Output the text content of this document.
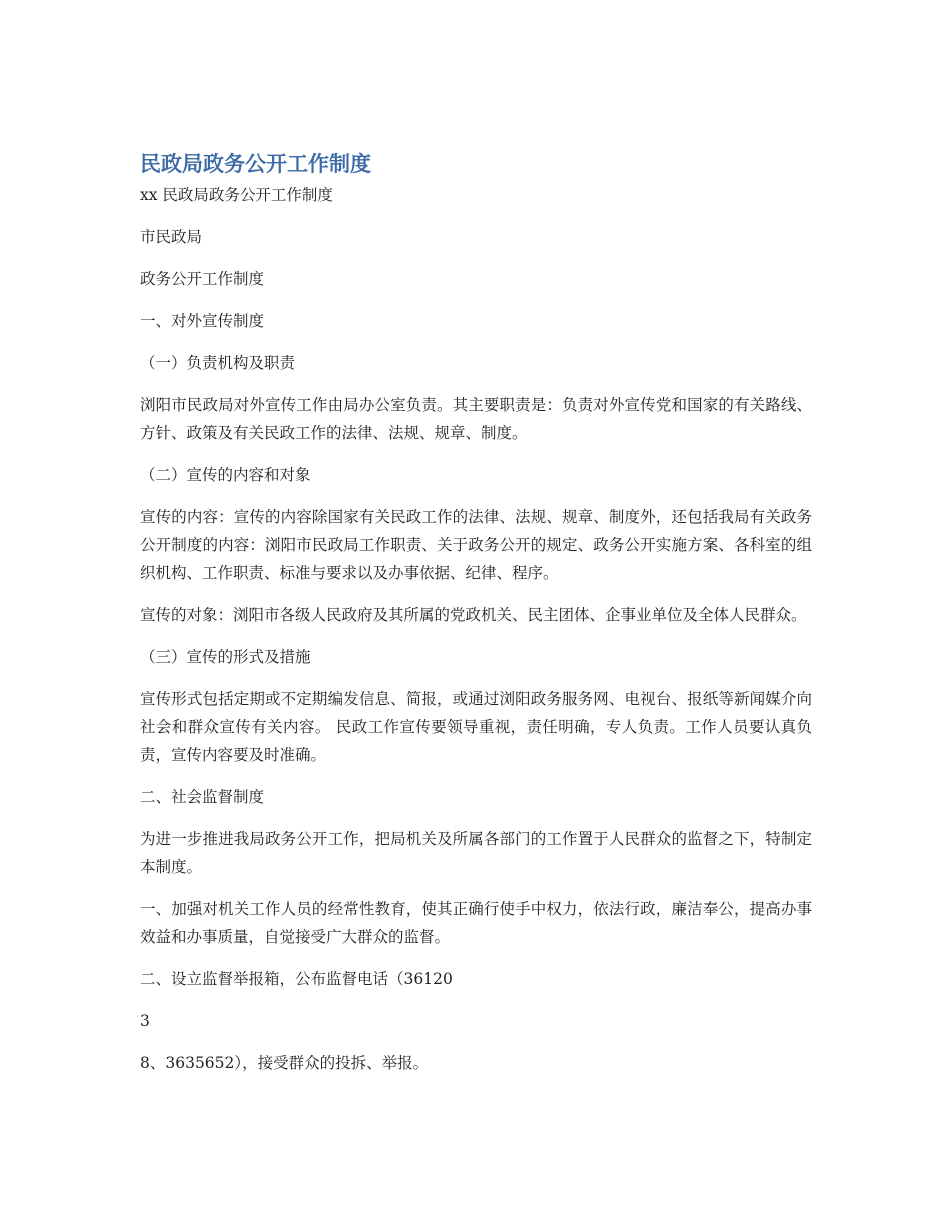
民政局政务公开工作制度

xx 民政局政务公开工作制度

市民政局

政务公开工作制度

一、对外宣传制度

（一）负责机构及职责

浏阳市民政局对外宣传工作由局办公室负责。其主要职责是：负责对外宣传党和国家的有关路线、方针、政策及有关民政工作的法律、法规、规章、制度。

（二）宣传的内容和对象

宣传的内容：宣传的内容除国家有关民政工作的法律、法规、规章、制度外，还包括我局有关政务公开制度的内容：浏阳市民政局工作职责、关于政务公开的规定、政务公开实施方案、各科室的组织机构、工作职责、标准与要求以及办事依据、纪律、程序。

宣传的对象：浏阳市各级人民政府及其所属的党政机关、民主团体、企事业单位及全体人民群众。

（三）宣传的形式及措施

宣传形式包括定期或不定期编发信息、简报，或通过浏阳政务服务网、电视台、报纸等新闻媒介向社会和群众宣传有关内容。 民政工作宣传要领导重视，责任明确，专人负责。工作人员要认真负责，宣传内容要及时准确。

二、社会监督制度

为进一步推进我局政务公开工作，把局机关及所属各部门的工作置于人民群众的监督之下，特制定本制度。

一、加强对机关工作人员的经常性教育，使其正确行使手中权力，依法行政，廉洁奉公，提高办事效益和办事质量，自觉接受广大群众的监督。

二、设立监督举报箱，公布监督电话（36120

3

8、3635652），接受群众的投拆、举报。
